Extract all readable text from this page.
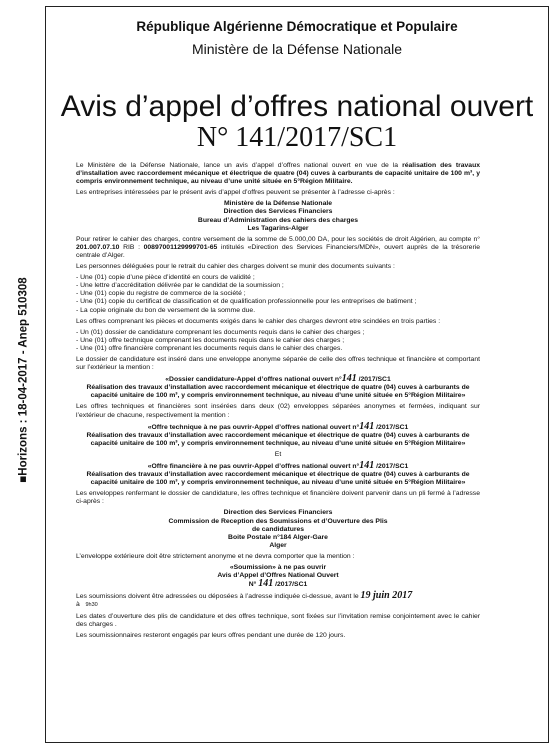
■Horizons : 18-04-2017 - Anep 510308
République Algérienne Démocratique et Populaire
Ministère de la Défense Nationale
Avis d’appel d’offres national ouvert
N° 141/2017/SC1

Le Ministère de la Défense Nationale, lance un avis d’appel d’offres national ouvert en vue de la réalisation des travaux d’installation avec raccordement mécanique et électrique de quatre (04) cuves à carburants de capacité unitaire de 100 m³, y compris environnement technique, au niveau d’une unité située en 5°Région Militaire.

Les entreprises intéressées par le présent avis d’appel d’offres peuvent se présenter à l’adresse ci-après :

Ministère de la Défense Nationale
Direction des Services Financiers
Bureau d’Administration des cahiers des charges
Les Tagarins-Alger

Pour retirer le cahier des charges, contre versement de la somme de 5.000,00 DA, pour les sociétés de droit Algérien, au compte n° 201.007.07.10 RIB : 00897001129999701-65 intitulés «Direction des Services Financiers/MDN», ouvert auprès de la trésorerie centrale d’Alger.

Les personnes déléguées pour le retrait du cahier des charges doivent se munir des documents suivants :

- Une (01) copie d’une pièce d’identité en cours de validité ;
- Une lettre d’accréditation délivrée par le candidat de la soumission ;
- Une (01) copie du registre de commerce de la société ;
- Une (01) copie du certificat de classification et de qualification professionnelle pour les entreprises de batiment ;
- La copie originale du bon de versement de la somme due.

Les offres comprenant les pièces et documents exigés dans le cahier des charges devront etre scindées en trois parties :

- Un (01) dossier de candidature comprenant les documents requis dans le cahier des charges ;
- Une (01) offre technique comprenant les documents requis dans le cahier des charges ;
- Une (01) offre financière comprenant les documents requis dans le cahier des charges.

Le dossier de candidature est inséré dans une enveloppe anonyme séparée de celle des offres technique et financière et comportant sur l’extérieur la mention :

«Dossier candidature-Appel d’offres national ouvert n°141 /2017/SC1
Réalisation des travaux d’installation avec raccordement mécanique et électrique de quatre (04) cuves à carburants de capacité unitaire de 100 m³, y compris environnement technique, au niveau d’une unité située en 5°Région Militaire»

Les offres techniques et financières sont insérées dans deux (02) enveloppes séparées anonymes et fermées, indiquant sur l’extérieur de chacune, respectivement la mention :

«Offre technique à ne pas ouvrir-Appel d’offres national ouvert n°141 /2017/SC1
Réalisation des travaux d’installation avec raccordement mécanique et électrique de quatre (04) cuves à carburants de capacité unitaire de 100 m³, y compris environnement technique, au niveau d’une unité située en 5°Région Militaire»
Et
«Offre financière à ne pas ouvrir-Appel d’offres national ouvert n°141 /2017/SC1
Réalisation des travaux d’installation avec raccordement mécanique et électrique de quatre (04) cuves à carburants de capacité unitaire de 100 m³, y compris environnement technique, au niveau d’une unité située en 5°Région Militaire»

Les enveloppes renfermant le dossier de candidature, les offres technique et financière doivent parvenir dans un pli fermé à l’adresse ci-après :

Direction des Services Financiers
Commission de Reception des Soumissions et d’Ouverture des Plis
de candidatures
Boite Postale n°184 Alger-Gare
Alger

L’enveloppe extérieure doit être strictement anonyme et ne devra comporter que la mention :

«Soumission» à ne pas ouvrir
Avis d’Appel d’Offres National Ouvert
N° 141 /2017/SC1

Les soumissions doivent être adressées ou déposées à l’adresse indiquée ci-dessue, avant le 19 juin 2017
à 9h30

Les dates d’ouverture des plis de candidature et des offres technique, sont fixées sur l’invitation remise conjointement avec le cahier des charges .

Les soumissionnaires resteront engagés par leurs offres pendant une durée de 120 jours.
